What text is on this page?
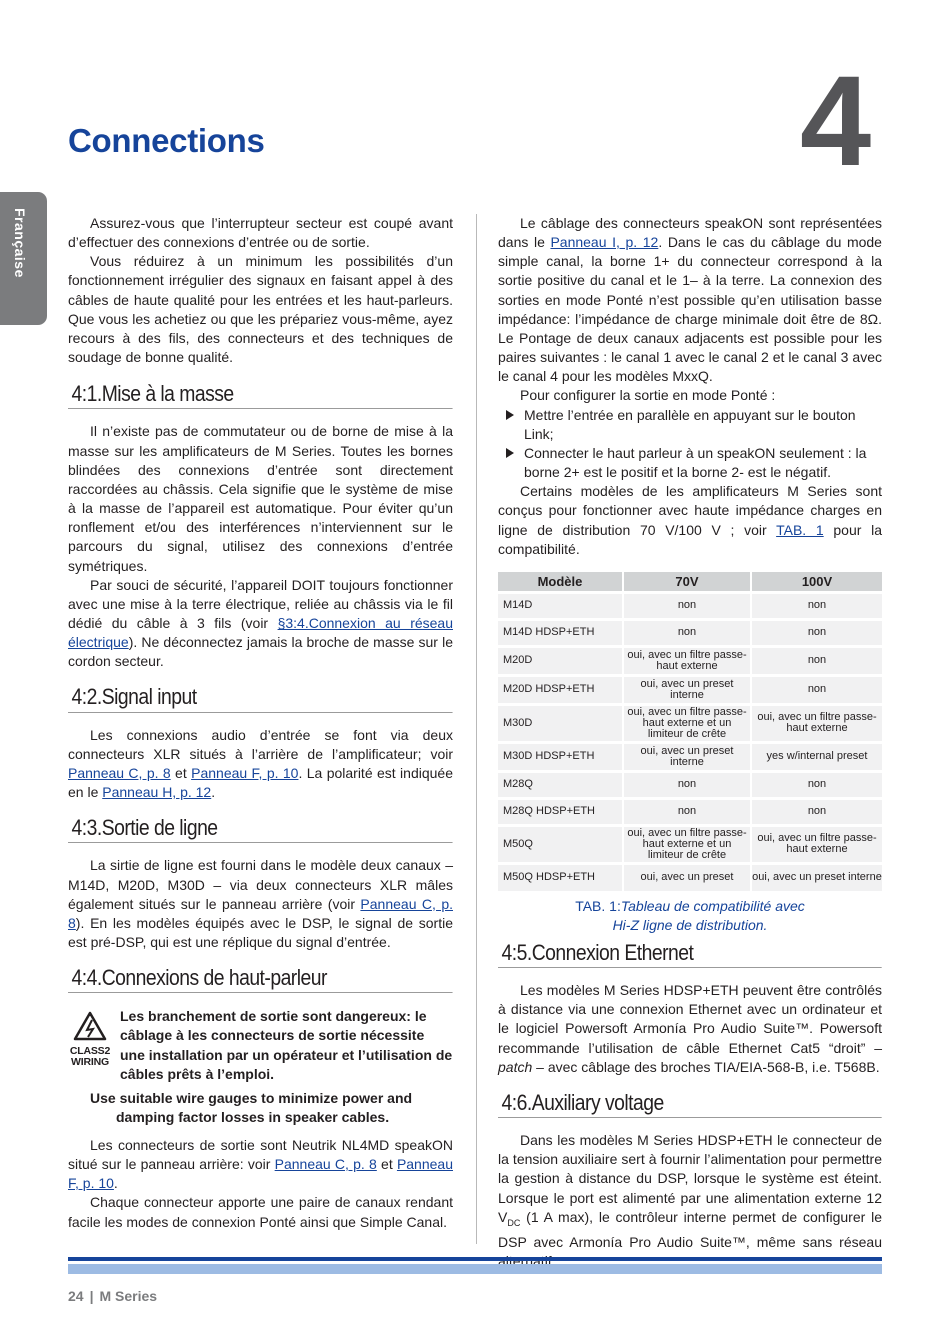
4
Connections
Française	Assurez-vous que l’interrupteur secteur est coupé avant d’effectuer des connexions d’entrée ou de sortie.

Vous réduirez à un minimum les possibilités d’un fonctionnement irrégulier des signaux en faisant appel à des câbles de haute qualité pour les entrées et les haut-parleurs. Que vous les achetiez ou que les prépariez vous-même, ayez recours à des fils, des connecteurs et des techniques de soudage de bonne qualité.

4:1.Mise à la masse

Il n’existe pas de commutateur ou de borne de mise à la masse sur les amplificateurs de M Series. Toutes les bornes blindées des connexions d’entrée sont directement raccordées au châssis. Cela signifie que le système de mise à la masse de l’appareil est automatique. Pour éviter qu’un ronflement et/ou des interférences n’interviennent sur le parcours du signal, utilisez des connexions d’entrée symétriques.

Par souci de sécurité, l’appareil DOIT toujours fonctionner avec une mise à la terre électrique, reliée au châssis via le fil dédié du câble à 3 fils (voir §3:4.Connexion au réseau électrique). Ne déconnectez jamais la broche de masse sur le cordon secteur.

4:2.Signal input

Les connexions audio d’entrée se font via deux connecteurs XLR situés à l’arrière de l’amplificateur; voir Panneau C, p. 8 et Panneau F, p. 10. La polarité est indiquée en le Panneau H, p. 12.

4:3.Sortie de ligne

La sirtie de ligne est fourni dans le modèle deux canaux – M14D, M20D, M30D – via deux connecteurs XLR mâles également situés sur le panneau arrière (voir Panneau C, p. 8). En les modèles équipés avec le DSP, le signal de sortie est pré-DSP, qui est une réplique du signal d’entrée.

4:4.Connexions de haut-parleur
CLASS2
WIRING

Les branchement de sortie sont dangereux: le câblage à les connecteurs de sortie nécessite une installation par un opérateur et l’utilisation de câbles prêts à l’emploi.

Use suitable wire gauges to minimize power and
damping factor losses in speaker cables.

Les connecteurs de sortie sont Neutrik NL4MD speakON situé sur le panneau arrière: voir Panneau C, p. 8 et Panneau F, p. 10.

Chaque connecteur apporte une paire de canaux rendant facile les modes de connexion Ponté ainsi que Simple Canal.

Le câblage des connecteurs speakON sont représentées dans le Panneau I, p. 12. Dans le cas du câblage du mode simple canal, la borne 1+ du connecteur correspond à la sortie positive du canal et le 1– à la terre. La connexion des sorties en mode Ponté n’est possible qu’en utilisation basse impédance: l’impédance de charge minimale doit être de 8Ω. Le Pontage de deux canaux adjacents est possible pour les paires suivantes : le canal 1 avec le canal 2 et le canal 3 avec le canal 4 pour les modèles MxxQ.

Pour configurer la sortie en mode Ponté :

Mettre l’entrée en parallèle en appuyant sur le bouton Link;
Connecter le haut parleur à un speakON seulement : la borne 2+ est le positif et la borne 2- est le négatif.

Certains modèles de les amplificateurs M Series sont conçus pour fonctionner avec haute impédance charges en ligne de distribution 70 V/100 V ; voir TAB. 1 pour la compatibilité.

Modèle	70V	100V
M14D	non	non
M14D HDSP+ETH	non	non
M20D	oui, avec un filtre passe-haut externe	non
M20D HDSP+ETH	oui, avec un preset interne	non
M30D	oui, avec un filtre passe-haut externe et un limiteur de crête	oui, avec un filtre passe-haut externe
M30D HDSP+ETH	oui, avec un preset interne	yes w/internal preset
M28Q	non	non
M28Q HDSP+ETH	non	non
M50Q	oui, avec un filtre passe-haut externe et un limiteur de crête	oui, avec un filtre passe-haut externe
M50Q HDSP+ETH	oui, avec un preset	oui, avec un preset interne

TAB. 1:Tableau de compatibilité avec
Hi-Z ligne de distribution.

4:5.Connexion Ethernet

Les modèles M Series HDSP+ETH peuvent être contrôlés à distance via une connexion Ethernet avec un ordinateur et le logiciel Powersoft Armonía Pro Audio Suite™. Powersoft recommande l’utilisation de câble Ethernet Cat5 “droit” – patch – avec câblage des broches TIA/EIA-568-B, i.e. T568B.

4:6.Auxiliary voltage

Dans les modèles M Series HDSP+ETH le connecteur de la tension auxiliaire sert à fournir l’alimentation pour permettre la gestion à distance du DSP, lorsque le système est éteint. Lorsque le port est alimenté par une alimentation externe 12 $V_{DC}$ (1 A max), le contrôleur interne permet de configurer le DSP avec Armonía Pro Audio Suite™, même sans réseau

24 | M Series
